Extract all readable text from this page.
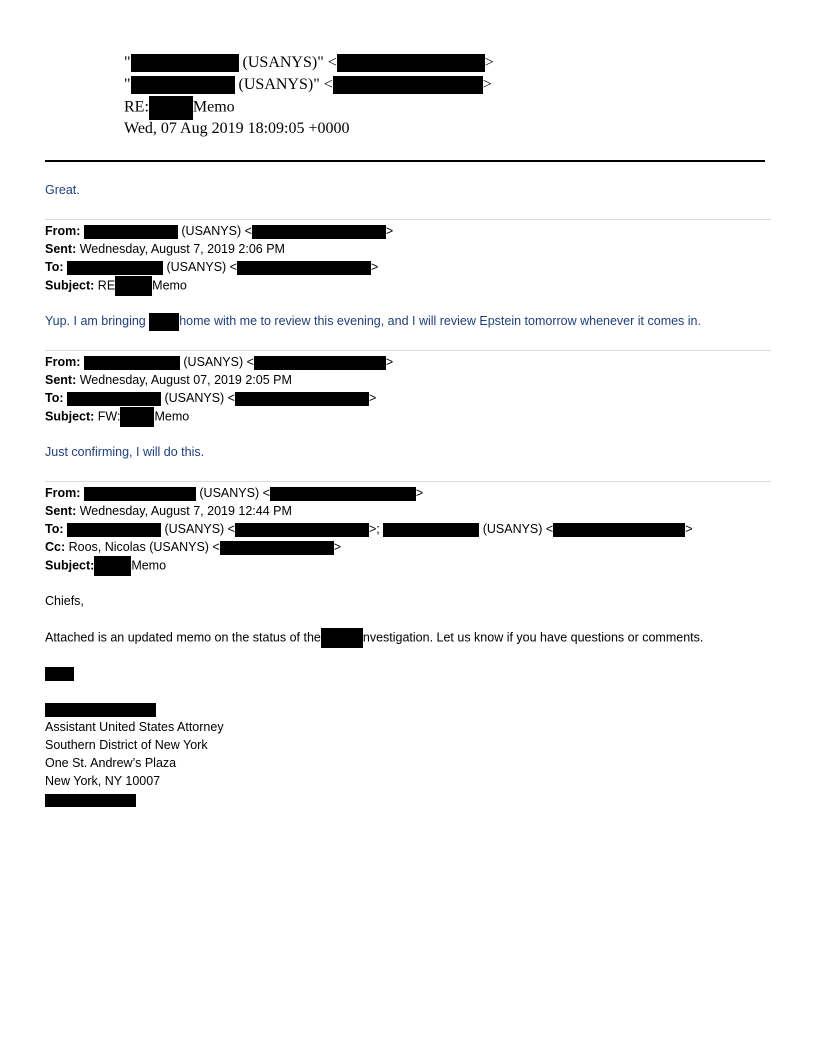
"	(USANYS)" <	>
"	(USANYS)" <	>
RE:	Memo
Wed, 07 Aug 2019 18:09:05 +0000
Great.
From:	(USANYS) <	>
Sent: Wednesday, August 7, 2019 2:06 PM
To:	(USANYS) <	>
Subject: RE	Memo
Yup. I am bringing home with me to review this evening, and I will review Epstein tomorrow whenever it comes in.
From:	(USANYS) <	>
Sent: Wednesday, August 07, 2019 2:05 PM
To:	(USANYS) <	>
Subject: FW:	Memo
Just confirming, I will do this.
From:	(USANYS) <	>
Sent: Wednesday, August 7, 2019 12:44 PM
To:	(USANYS) <	>;	(USANYS) <	>
Cc: Roos, Nicolas (USANYS) <	>
Subject:	Memo
Chiefs,
Attached is an updated memo on the status of the	nvestigation. Let us know if you have questions or comments.
Assistant United States Attorney
Southern District of New York
One St. Andrew’s Plaza
New York, NY 10007
